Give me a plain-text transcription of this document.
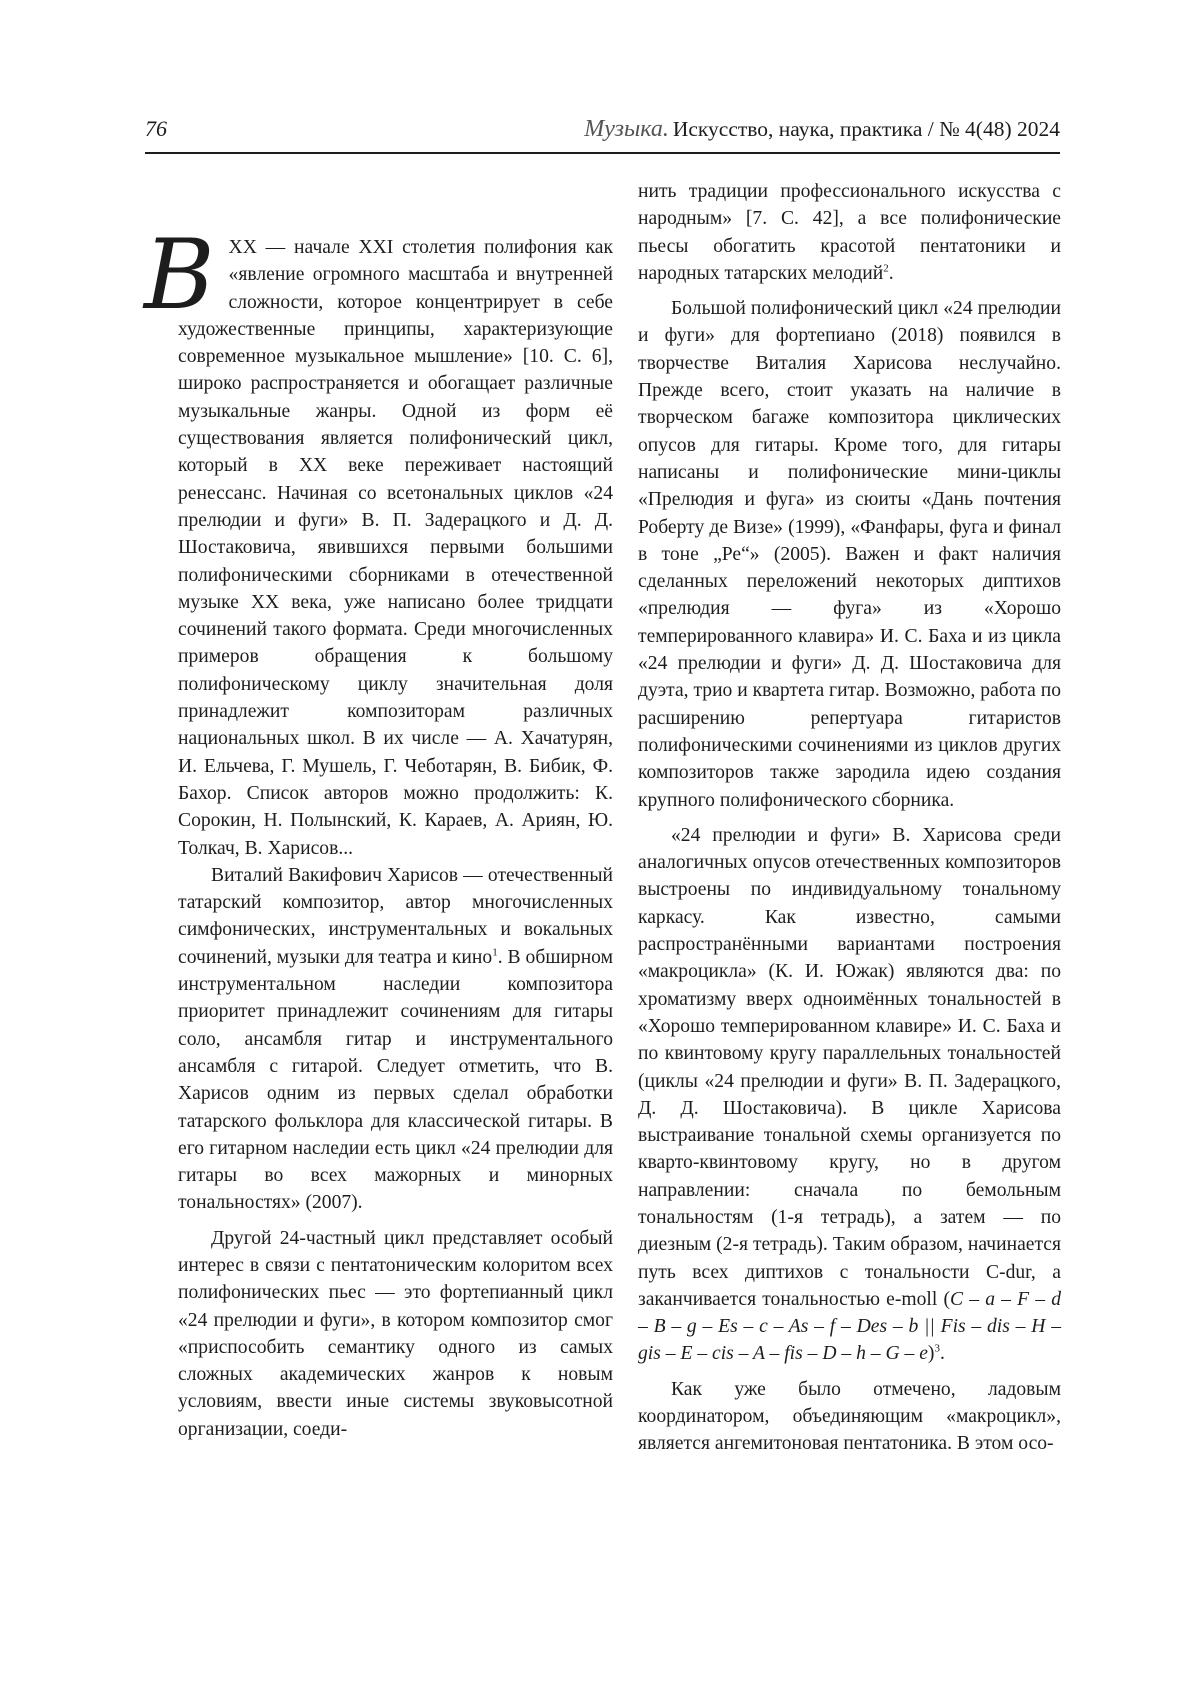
76	Музыка. Искусство, наука, практика / № 4(48) 2024

ВXX — начале XXI столетия полифония как «явление огромного масштаба и внутренней сложности, которое концентрирует в себе художественные принципы, характеризующие современное музыкальное мышление» [10. С. 6], широко распространяется и обогащает различные музыкальные жанры. Одной из форм её существования является полифонический цикл, который в XX веке переживает настоящий ренессанс. Начиная со всетональных циклов «24 прелюдии и фуги» В. П. Задерацкого и Д. Д. Шостаковича, явившихся первыми большими полифоническими сборниками в отечественной музыке XX века, уже написано более тридцати сочинений такого формата. Среди многочисленных примеров обращения к большому полифоническому циклу значительная доля принадлежит композиторам различных национальных школ. В их числе — А. Хачатурян, И. Ельчева, Г. Мушель, Г. Чеботарян, В. Бибик, Ф. Бахор. Список авторов можно продолжить: К. Сорокин, Н. Полынский, К. Караев, А. Ариян, Ю. Толкач, В. Харисов...

Виталий Вакифович Харисов — отечественный татарский композитор, автор многочисленных симфонических, инструментальных и вокальных сочинений, музыки для театра и кино$^1$. В обширном инструментальном наследии композитора приоритет принадлежит сочинениям для гитары соло, ансамбля гитар и инструментального ансамбля с гитарой. Следует отметить, что В. Харисов одним из первых сделал обработки татарского фольклора для классической гитары. В его гитарном наследии есть цикл «24 прелюдии для гитары во всех мажорных и минорных тональностях» (2007).

Другой 24-частный цикл представляет особый интерес в связи с пентатоническим колоритом всех полифонических пьес — это фортепианный цикл «24 прелюдии и фуги», в котором композитор смог «приспособить семантику одного из самых сложных академических жанров к новым условиям, ввести иные системы звуковысотной организации, соеди-

нить традиции профессионального искусства с народным» [7. С. 42], а все полифонические пьесы обогатить красотой пентатоники и народных татарских мелодий$^2$.

Большой полифонический цикл «24 прелюдии и фуги» для фортепиано (2018) появился в творчестве Виталия Харисова неслучайно. Прежде всего, стоит указать на наличие в творческом багаже композитора циклических опусов для гитары. Кроме того, для гитары написаны и полифонические мини-циклы «Прелюдия и фуга» из сюиты «Дань почтения Роберту де Визе» (1999), «Фанфары, фуга и финал в тоне „Ре“» (2005). Важен и факт наличия сделанных переложений некоторых диптихов «прелюдия — фуга» из «Хорошо темперированного клавира» И. С. Баха и из цикла «24 прелюдии и фуги» Д. Д. Шостаковича для дуэта, трио и квартета гитар. Возможно, работа по расширению репертуара гитаристов полифоническими сочинениями из циклов других композиторов также зародила идею создания крупного полифонического сборника.

«24 прелюдии и фуги» В. Харисова среди аналогичных опусов отечественных композиторов выстроены по индивидуальному тональному каркасу. Как известно, самыми распространёнными вариантами построения «макроцикла» (К. И. Южак) являются два: по хроматизму вверх одноимённых тональностей в «Хорошо темперированном клавире» И. С. Баха и по квинтовому кругу параллельных тональностей (циклы «24 прелюдии и фуги» В. П. Задерацкого, Д. Д. Шостаковича). В цикле Харисова выстраивание тональной схемы организуется по кварто-квинтовому кругу, но в другом направлении: сначала по бемольным тональностям (1-я тетрадь), а затем — по диезным (2-я тетрадь). Таким образом, начинается путь всех диптихов с тональности C-dur, а заканчивается тональностью e-moll (C – a – F – d – B – g – Es – c – As – f – Des – b || Fis – dis – H – gis – E – cis – A – fis – D – h – G – e)$^3$.

Как уже было отмечено, ладовым координатором, объединяющим «макроцикл», является ангемитоновая пентатоника. В этом осо-
